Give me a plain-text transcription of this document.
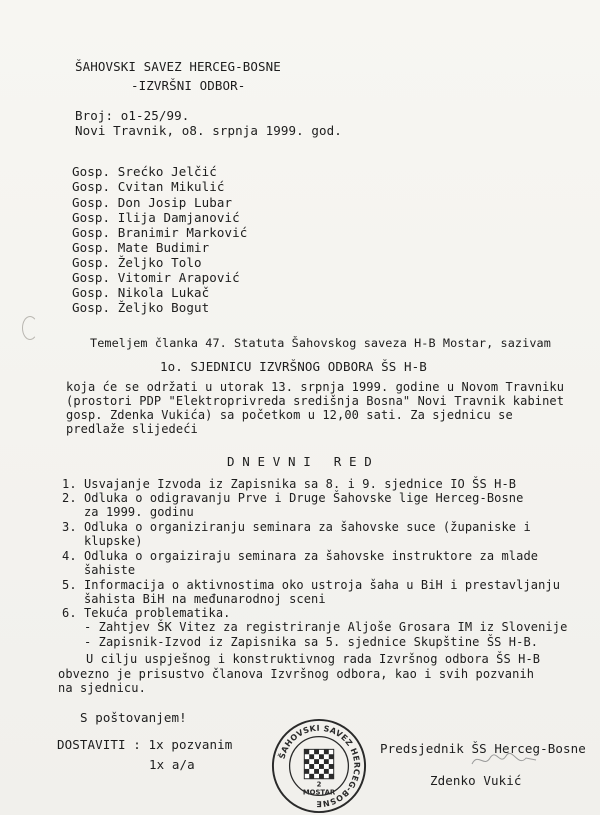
ŠAHOVSKI SAVEZ HERCEG-BOSNE
-IZVRŠNI ODBOR-
Broj: o1-25/99.
Novi Travnik, o8. srpnja 1999. god.
Gosp. Srećko Jelčić
Gosp. Cvitan Mikulić
Gosp. Don Josip Lubar
Gosp. Ilija Damjanović
Gosp. Branimir Marković
Gosp. Mate Budimir
Gosp. Željko Tolo
Gosp. Vitomir Arapović
Gosp. Nikola Lukač
Gosp. Željko Bogut
Temeljem članka 47. Statuta Šahovskog saveza H-B Mostar, sazivam
1o. SJEDNICU IZVRŠNOG ODBORA ŠS H-B
koja će se održati u utorak 13. srpnja 1999. godine u Novom Travniku
(prostori PDP "Elektroprivreda središnja Bosna" Novi Travnik kabinet
gosp. Zdenka Vukića) sa početkom u 12,00 sati. Za sjednicu se
predlaže slijedeći
D N E V N I   R E D
1. Usvajanje Izvoda iz Zapisnika sa 8. i 9. sjednice IO ŠS H-B
2. Odluka o odigravanju Prve i Druge Šahovske lige Herceg-Bosne
za 1999. godinu
3. Odluka o organiziranju seminara za šahovske suce (županiske i
klupske)
4. Odluka o orgaiziraju seminara za šahovske instruktore za mlade
šahiste
5. Informacija o aktivnostima oko ustroja šaha u BiH i prestavljanju
šahista BiH na međunarodnoj sceni
6. Tekuća problematika.
- Zahtjev ŠK Vitez za registriranje Aljoše Grosara IM iz Slovenije
- Zapisnik-Izvod iz Zapisnika sa 5. sjednice Skupštine ŠS H-B.
U cilju uspješnog i konstruktivnog rada Izvršnog odbora ŠS H-B
obvezno je prisustvo članova Izvršnog odbora, kao i svih pozvanih
na sjednicu.
S poštovanjem!
DOSTAVITI : 1x pozvanim
1x a/a
ŠAHOVSKI SAVEZ HERCEG-BOSNE
2
MOSTAR
Predsjednik ŠS Herceg-Bosne
Zdenko Vukić
